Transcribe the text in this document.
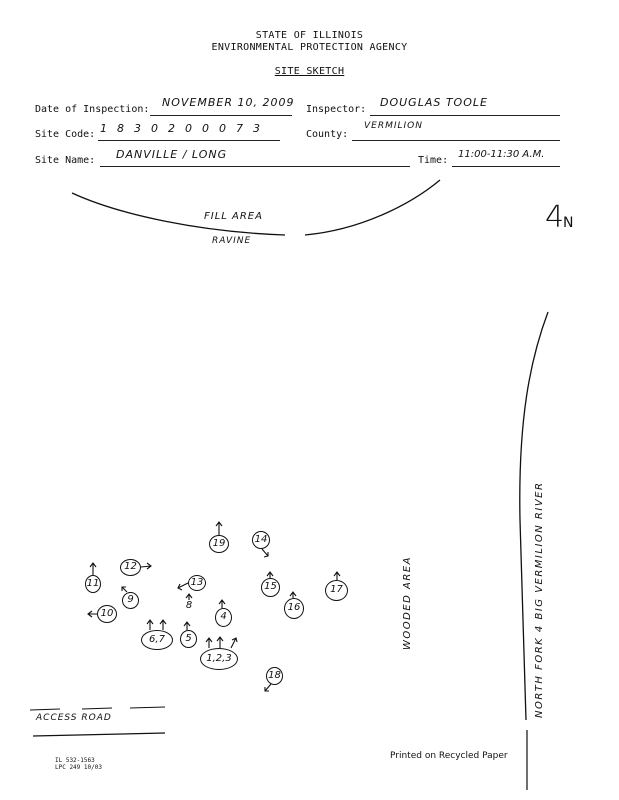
STATE OF ILLINOIS
ENVIRONMENTAL PROTECTION AGENCY
SITE SKETCH
Date of Inspection:
NOVEMBER 10, 2009
Inspector:
DOUGLAS TOOLE
Site Code: 1 8 3 0 2 0 0 0 7 3	County:
VERMILION
Site Name: DANVILLE / LONG	Time:
11:00-11:30 A.M.
FILL AREA
RAVINE
4
N
WOODED AREA	NORTH FORK 4 BIG VERMILION RIVER
ACCESS ROAD
1,2,3
4
5
6,7
8
9
10
11
12
13
14
15
16
17
18
19
IL 532-1563
LPC 249 10/03
Printed on Recycled Paper
